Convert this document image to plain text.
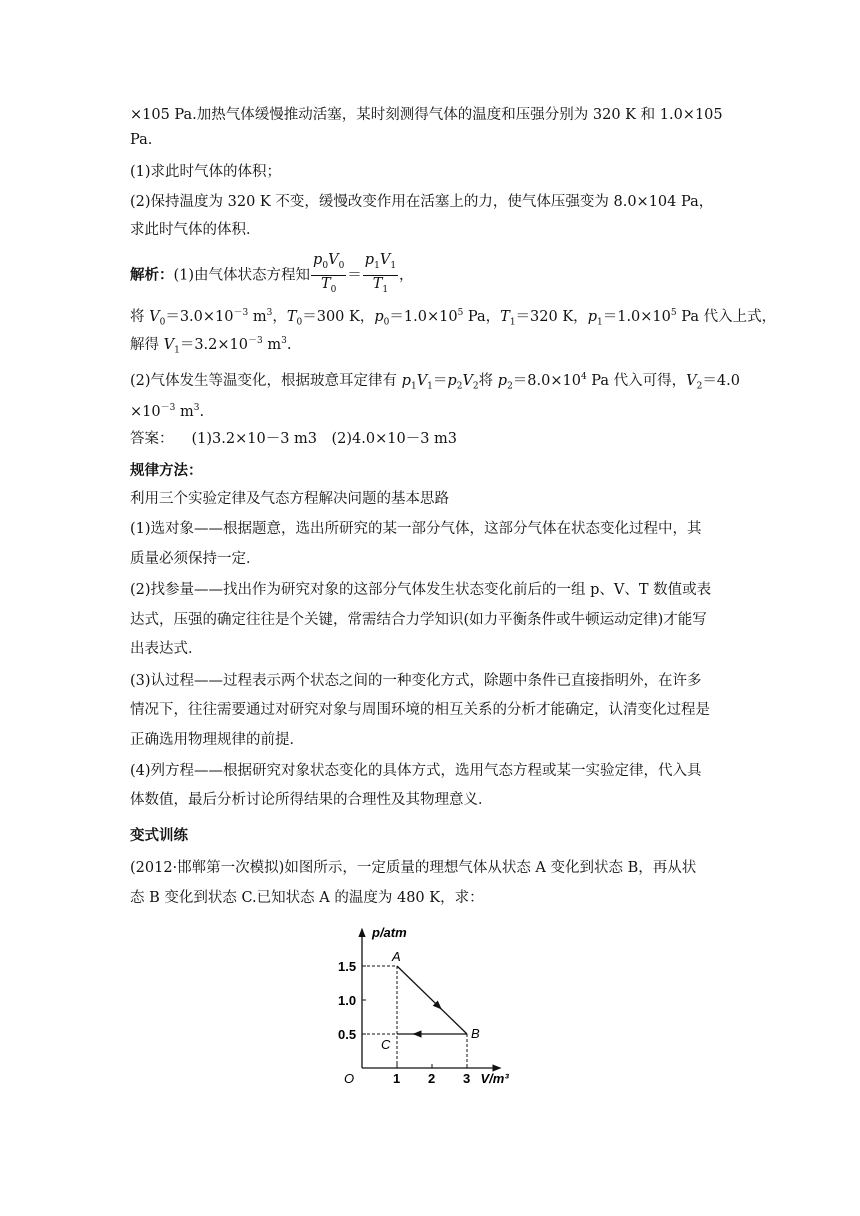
×105 Pa.加热气体缓慢推动活塞，某时刻测得气体的温度和压强分别为 320 K 和 1.0×105
Pa.
(1)求此时气体的体积；
(2)保持温度为 320 K 不变，缓慢改变作用在活塞上的力，使气体压强变为 8.0×104 Pa，
求此时气体的体积．
解析：(1)由气体状态方程知 $\frac{p_0V_0}{T_0} = \frac{p_1V_1}{T_1}$ ，
将 $V_0=3.0\times 10^{-3}$ $m^3$，$T_0=300$ K，$p_0=1.0\times 10^5$ Pa，$T_1=320$ K，$p_1=1.0\times 10^5$ Pa 代入上式，
解得 $V_1=3.2\times 10^{-3}$ $m^3$.
(2)气体发生等温变化，根据玻意耳定律有 $p_1V_1=p_2V_2$将 $p_2=8.0\times 10^4$ Pa 代入可得，$V_2=4.0$
$\times 10^{-3}$ $m^3$.
答案： (1)3.2×10－3 m3　(2)4.0×10－3 m3
规律方法：
利用三个实验定律及气态方程解决问题的基本思路
(1)选对象——根据题意，选出所研究的某一部分气体，这部分气体在状态变化过程中，其
质量必须保持一定．
(2)找参量——找出作为研究对象的这部分气体发生状态变化前后的一组 p、V、T 数值或表
达式，压强的确定往往是个关键，常需结合力学知识(如力平衡条件或牛顿运动定律)才能写
出表达式．
(3)认过程——过程表示两个状态之间的一种变化方式，除题中条件已直接指明外，在许多
情况下，往往需要通过对研究对象与周围环境的相互关系的分析才能确定，认清变化过程是
正确选用物理规律的前提．
(4)列方程——根据研究对象状态变化的具体方式，选用气态方程或某一实验定律，代入具
体数值，最后分析讨论所得结果的合理性及其物理意义．
变式训练
(2012·邯郸第一次模拟)如图所示，一定质量的理想气体从状态 A 变化到状态 B，再从状
态 B 变化到状态 C.已知状态 A 的温度为 480 K，求：
O
p/atm
V/m³
1 2 3
0.5
1.0
1.5
A
B
C
